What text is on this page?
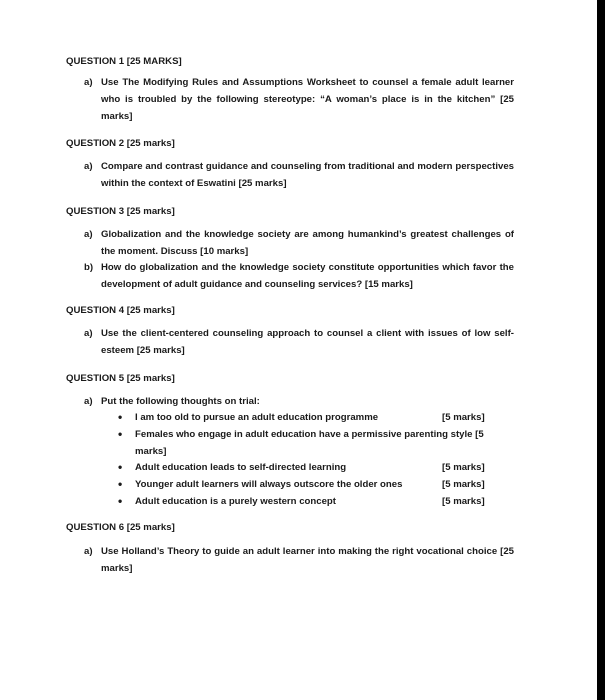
QUESTION 1 [25 MARKS]
a) Use The Modifying Rules and Assumptions Worksheet to counsel a female adult learner who is troubled by the following stereotype: “A woman’s place is in the kitchen” [25 marks]
QUESTION 2 [25 marks]
a) Compare and contrast guidance and counseling from traditional and modern perspectives within the context of Eswatini [25 marks]
QUESTION 3 [25 marks]
a) Globalization and the knowledge society are among humankind’s greatest challenges of the moment. Discuss [10 marks]
b) How do globalization and the knowledge society constitute opportunities which favor the development of adult guidance and counseling services? [15 marks]
QUESTION 4 [25 marks]
a) Use the client-centered counseling approach to counsel a client with issues of low self-esteem [25 marks]
QUESTION 5 [25 marks]
a) Put the following thoughts on trial:
• I am too old to pursue an adult education programme	[5 marks]
• Females who engage in adult education have a permissive parenting style [5 marks]
• Adult education leads to self-directed learning	[5 marks]
• Younger adult learners will always outscore the older ones	[5 marks]
• Adult education is a purely western concept	[5 marks]
QUESTION 6 [25 marks]
a) Use Holland’s Theory to guide an adult learner into making the right vocational choice [25 marks]
